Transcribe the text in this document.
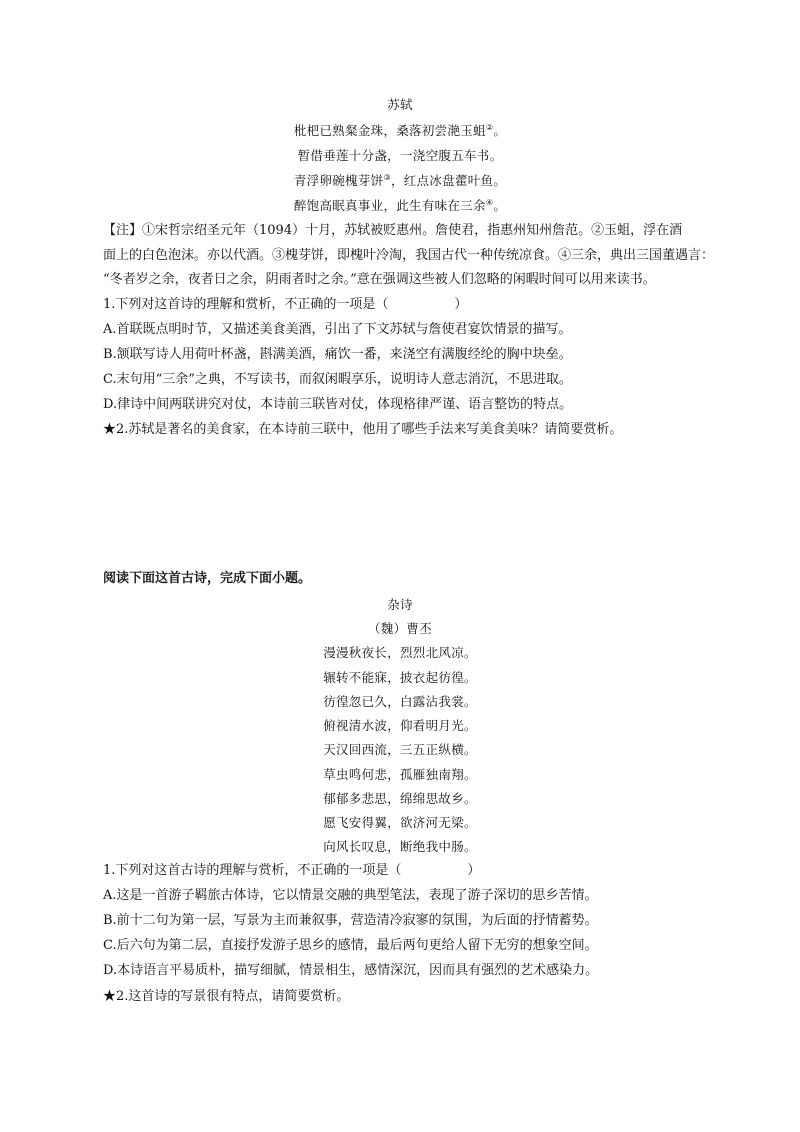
苏轼
枇杷已熟粲金珠，桑落初尝滟玉蛆②。
暂借垂莲十分盏，一浇空腹五车书。
青浮卵碗槐芽饼③，红点冰盘藿叶鱼。
醉饱高眠真事业，此生有味在三余④。
【注】①宋哲宗绍圣元年（1094）十月，苏轼被贬惠州。詹使君，指惠州知州詹范。②玉蛆，浮在酒
面上的白色泡沫。亦以代酒。③槐芽饼，即槐叶冷淘，我国古代一种传统凉食。④三余，典出三国董遇言：
“冬者岁之余，夜者日之余，阴雨者时之余。”意在强调这些被人们忽略的闲暇时间可以用来读书。
1.下列对这首诗的理解和赏析，不正确的一项是（	）
A.首联既点明时节，又描述美食美酒，引出了下文苏轼与詹使君宴饮情景的描写。
B.颔联写诗人用荷叶杯盏，斟满美酒，痛饮一番，来浇空有满腹经纶的胸中块垒。
C.末句用“三余”之典，不写读书，而叙闲暇享乐，说明诗人意志消沉，不思进取。
D.律诗中间两联讲究对仗，本诗前三联皆对仗，体现格律严谨、语言整饬的特点。
★2.苏轼是著名的美食家，在本诗前三联中，他用了哪些手法来写美食美味？请简要赏析。
阅读下面这首古诗，完成下面小题。
杂诗
（魏）曹丕
漫漫秋夜长，烈烈北风凉。
辗转不能寐，披衣起彷徨。
彷徨忽已久，白露沾我裳。
俯视清水波，仰看明月光。
天汉回西流，三五正纵横。
草虫鸣何悲，孤雁独南翔。
郁郁多悲思，绵绵思故乡。
愿飞安得翼，欲济河无梁。
向风长叹息，断绝我中肠。
1.下列对这首古诗的理解与赏析，不正确的一项是（	）
A.这是一首游子羁旅古体诗，它以情景交融的典型笔法，表现了游子深切的思乡苦情。
B.前十二句为第一层，写景为主而兼叙事，营造清冷寂寥的氛围，为后面的抒情蓄势。
C.后六句为第二层，直接抒发游子思乡的感情，最后两句更给人留下无穷的想象空间。
D.本诗语言平易质朴，描写细腻，情景相生，感情深沉，因而具有强烈的艺术感染力。
★2.这首诗的写景很有特点，请简要赏析。
